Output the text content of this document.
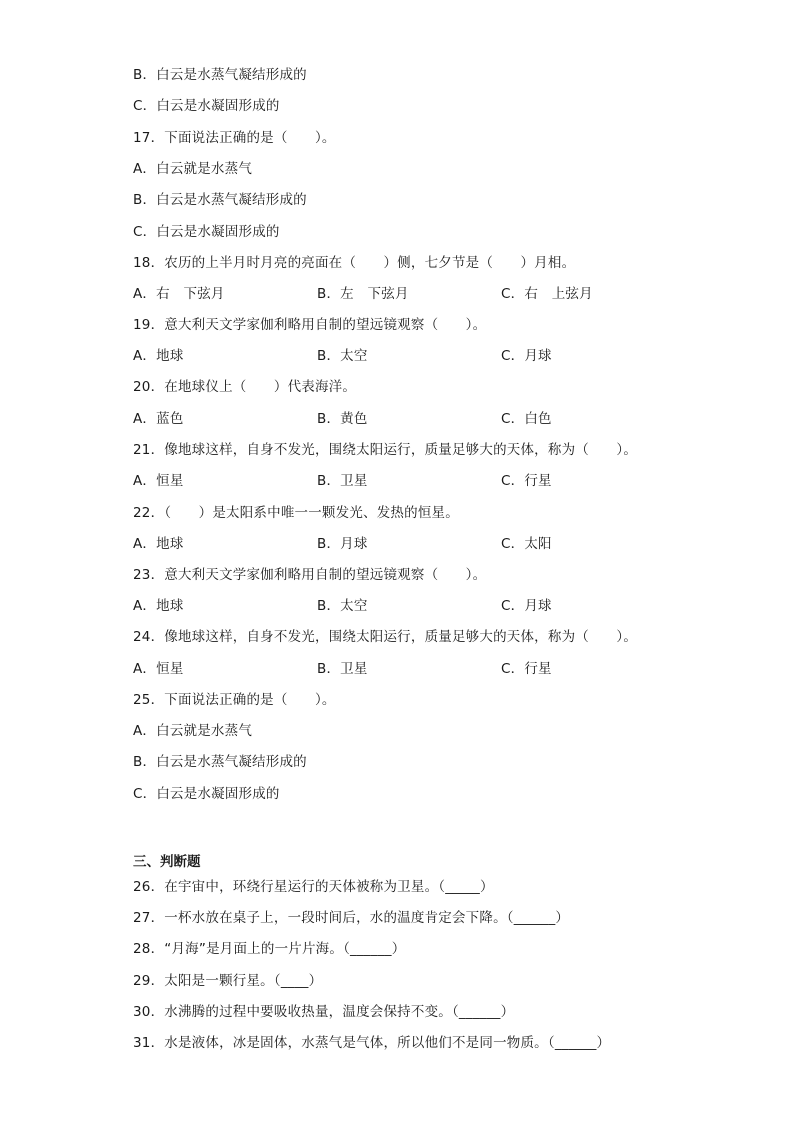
B．白云是水蒸气凝结形成的
C．白云是水凝固形成的
17．下面说法正确的是（　　）。
A．白云就是水蒸气
B．白云是水蒸气凝结形成的
C．白云是水凝固形成的
18．农历的上半月时月亮的亮面在（　　）侧，七夕节是（　　）月相。
A．右　下弦月	B．左　下弦月	C．右　上弦月
19．意大利天文学家伽利略用自制的望远镜观察（　　）。
A．地球	B．太空	C．月球
20．在地球仪上（　　）代表海洋。
A．蓝色	B．黄色	C．白色
21．像地球这样，自身不发光，围绕太阳运行，质量足够大的天体，称为（　　）。
A．恒星	B．卫星	C．行星
22．（　　）是太阳系中唯一一颗发光、发热的恒星。
A．地球	B．月球	C．太阳
23．意大利天文学家伽利略用自制的望远镜观察（　　）。
A．地球	B．太空	C．月球
24．像地球这样，自身不发光，围绕太阳运行，质量足够大的天体，称为（　　）。
A．恒星	B．卫星	C．行星
25．下面说法正确的是（　　）。
A．白云就是水蒸气
B．白云是水蒸气凝结形成的
C．白云是水凝固形成的
三、判断题
26．在宇宙中，环绕行星运行的天体被称为卫星。（_____）
27．一杯水放在桌子上，一段时间后，水的温度肯定会下降。（______）
28．“月海”是月面上的一片片海。（______）
29．太阳是一颗行星。（____）
30．水沸腾的过程中要吸收热量，温度会保持不变。（______）
31．水是液体，冰是固体，水蒸气是气体，所以他们不是同一物质。（______）
